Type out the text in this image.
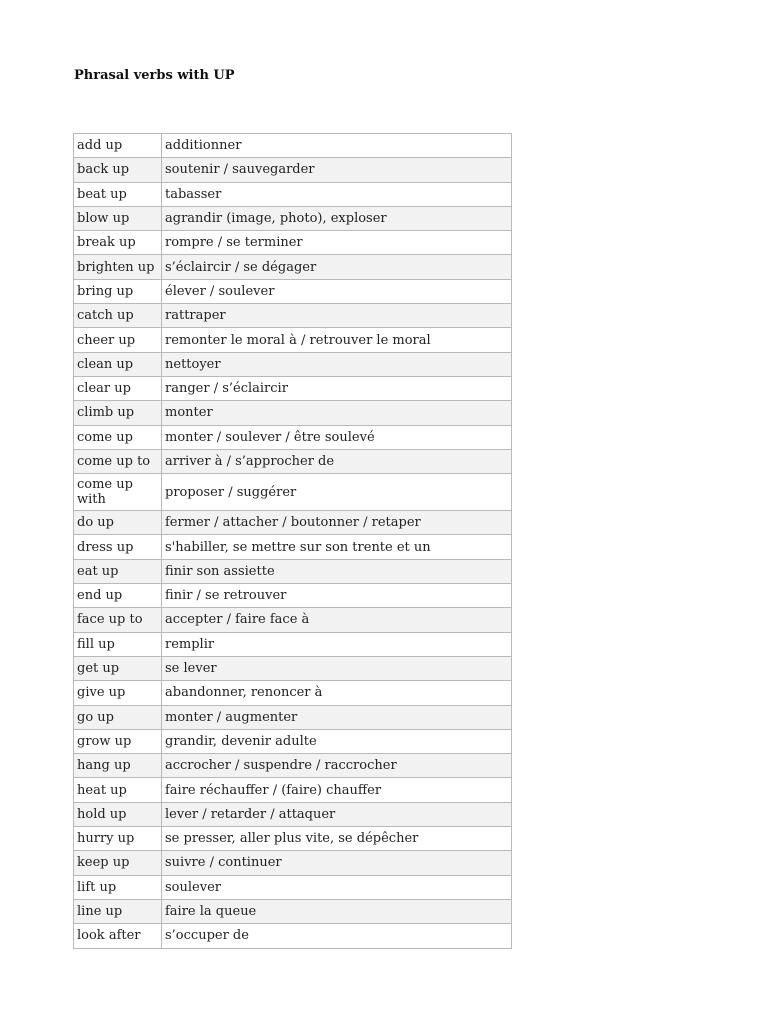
Phrasal verbs with UP
add up	additionner
back up	soutenir / sauvegarder
beat up	tabasser
blow up	agrandir (image, photo), exploser
break up	rompre / se terminer
brighten up	s’éclaircir / se dégager
bring up	élever / soulever
catch up	rattraper
cheer up	remonter le moral à / retrouver le moral
clean up	nettoyer
clear up	ranger / s’éclaircir
climb up	monter
come up	monter / soulever / être soulevé
come up to	arriver à / s’approcher de
come up with	proposer / suggérer
do up	fermer / attacher / boutonner / retaper
dress up	s'habiller, se mettre sur son trente et un
eat up	finir son assiette
end up	finir / se retrouver
face up to	accepter / faire face à
fill up	remplir
get up	se lever
give up	abandonner, renoncer à
go up	monter / augmenter
grow up	grandir, devenir adulte
hang up	accrocher / suspendre / raccrocher
heat up	faire réchauffer / (faire) chauffer
hold up	lever / retarder / attaquer
hurry up	se presser, aller plus vite, se dépêcher
keep up	suivre / continuer
lift up	soulever
line up	faire la queue
look after	s’occuper de
